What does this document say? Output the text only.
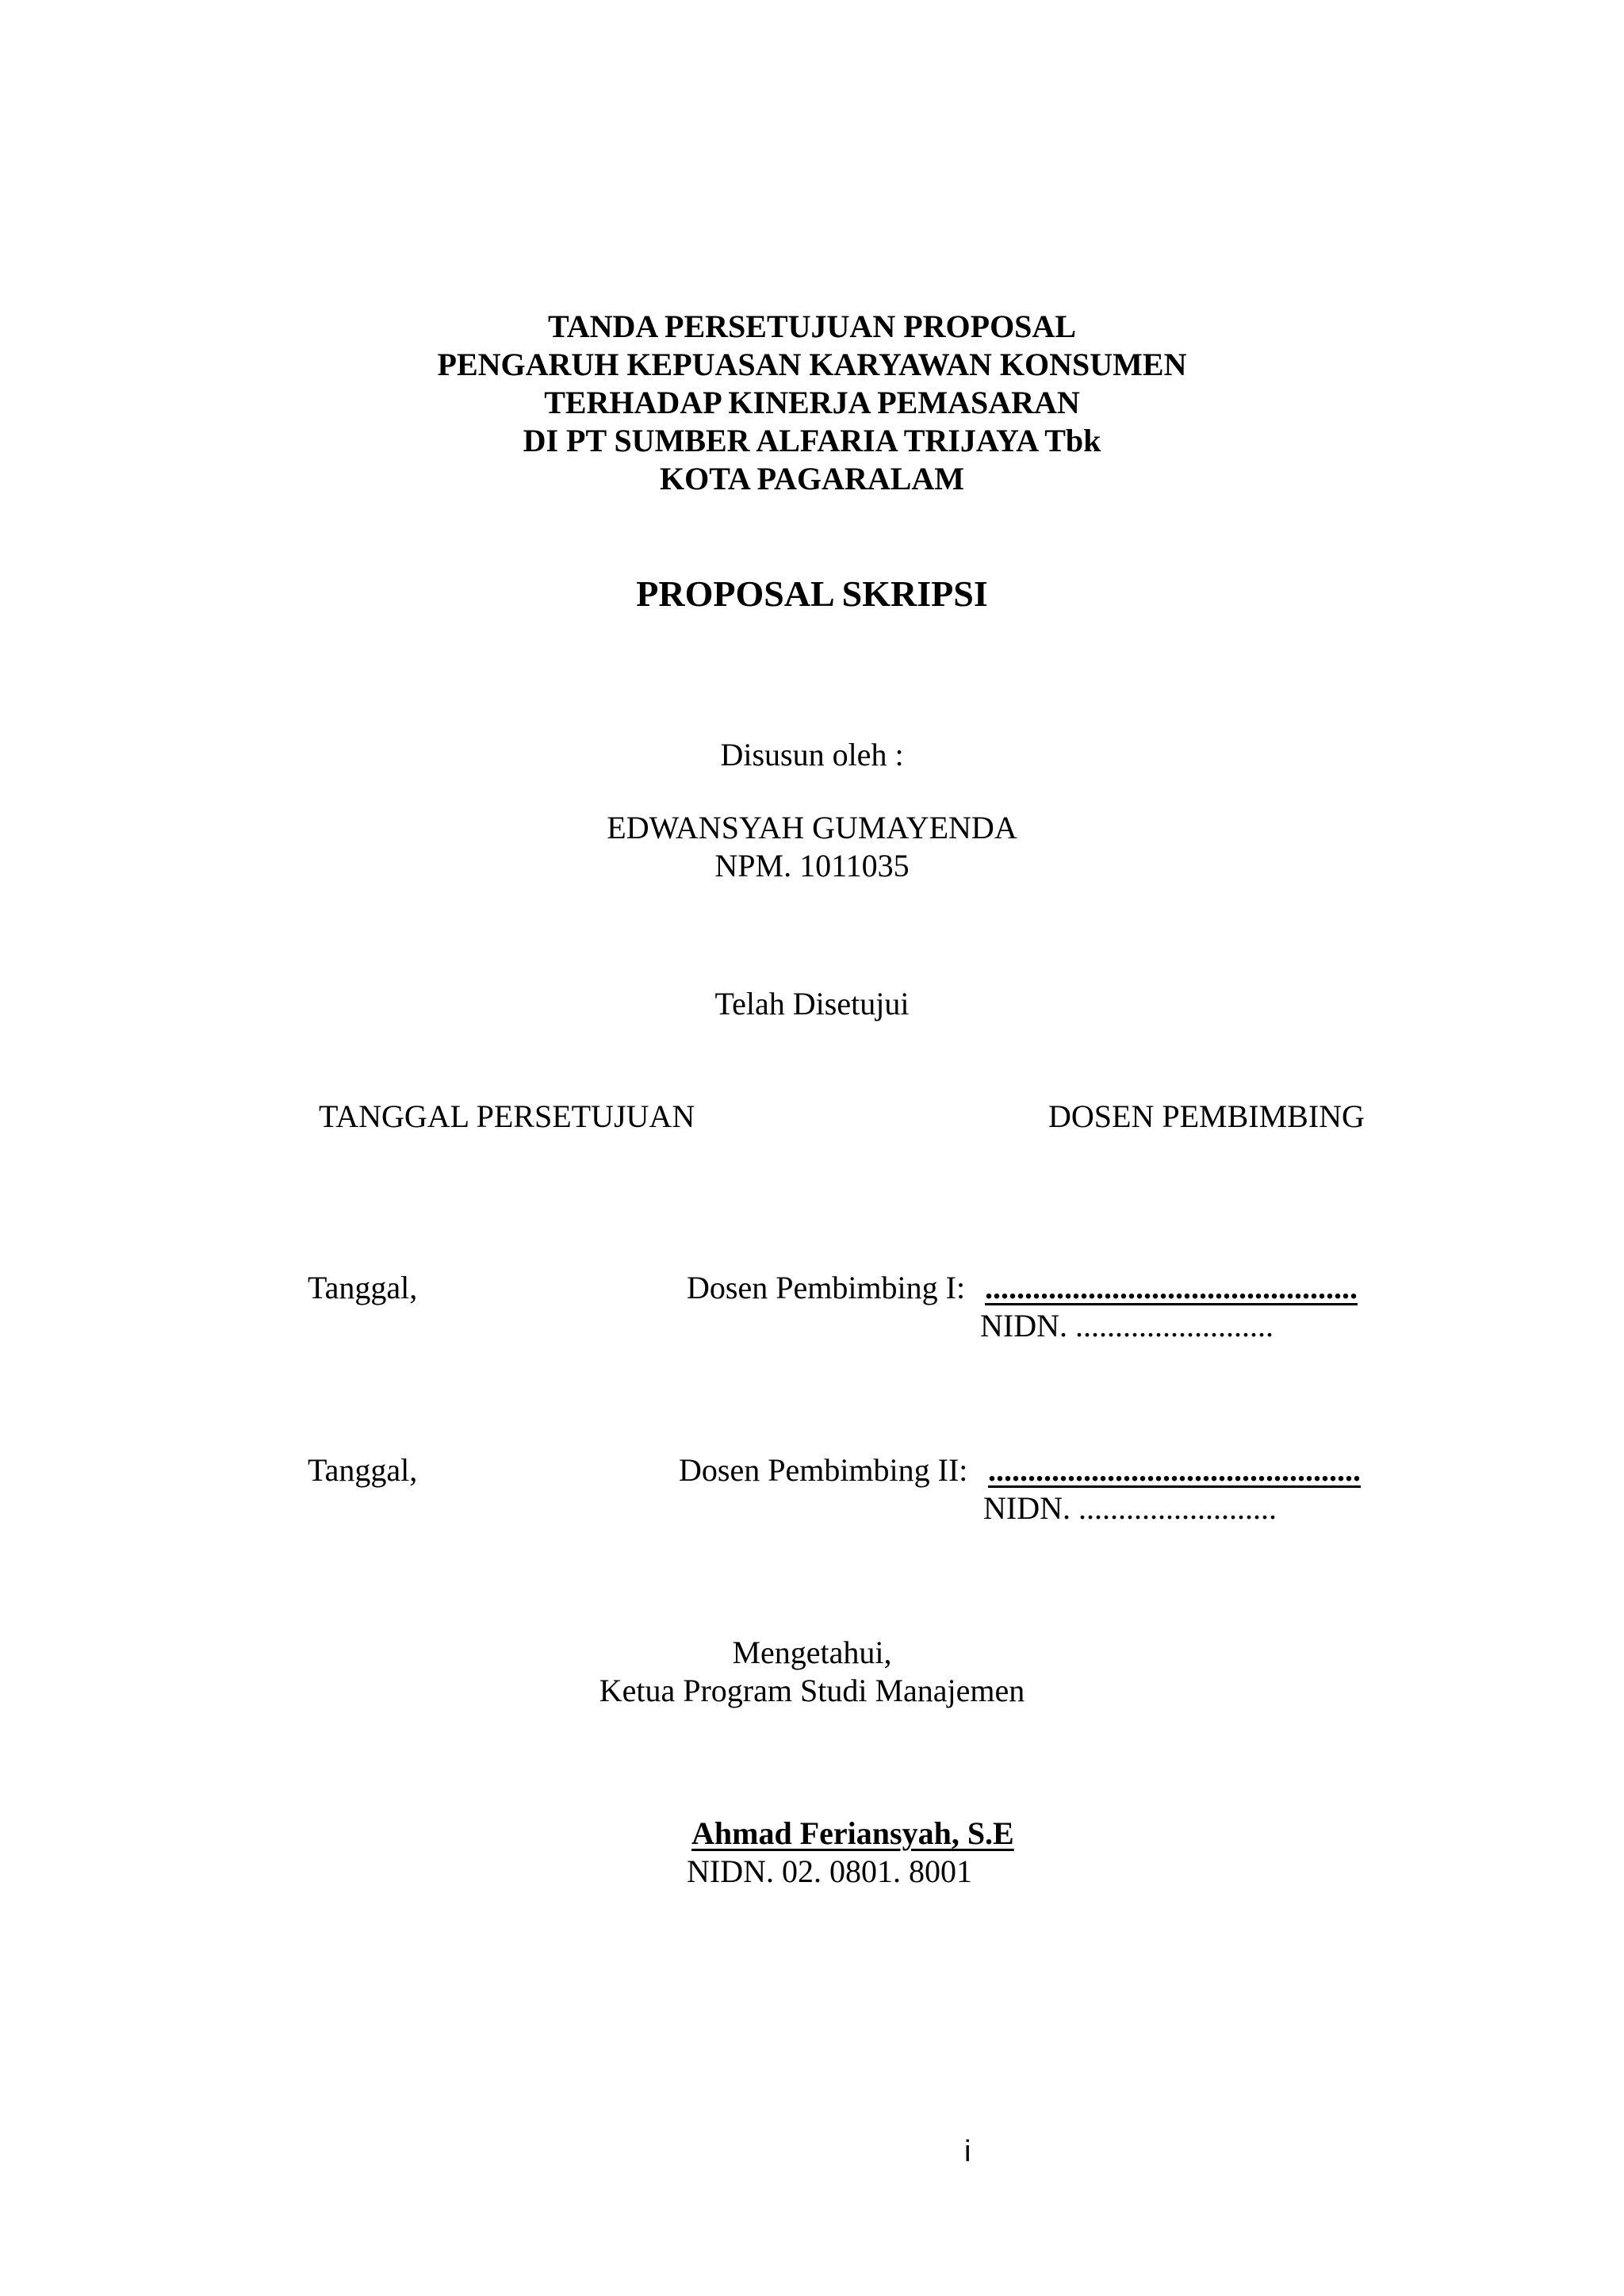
TANDA PERSETUJUAN PROPOSAL
PENGARUH KEPUASAN KARYAWAN KONSUMEN
TERHADAP KINERJA PEMASARAN
DI PT SUMBER ALFARIA TRIJAYA Tbk
KOTA PAGARALAM
PROPOSAL SKRIPSI
Disusun oleh :
EDWANSYAH GUMAYENDA
NPM. 1011035
Telah Disetujui
TANGGAL PERSETUJUAN	DOSEN PEMBIMBING
Tanggal,	Dosen Pembimbing I: ...............................................
NIDN. .........................
Tanggal,	Dosen Pembimbing II: ...............................................
NIDN. .........................
Mengetahui,
Ketua Program Studi Manajemen
Ahmad Feriansyah, S.E
NIDN. 02. 0801. 8001
i
